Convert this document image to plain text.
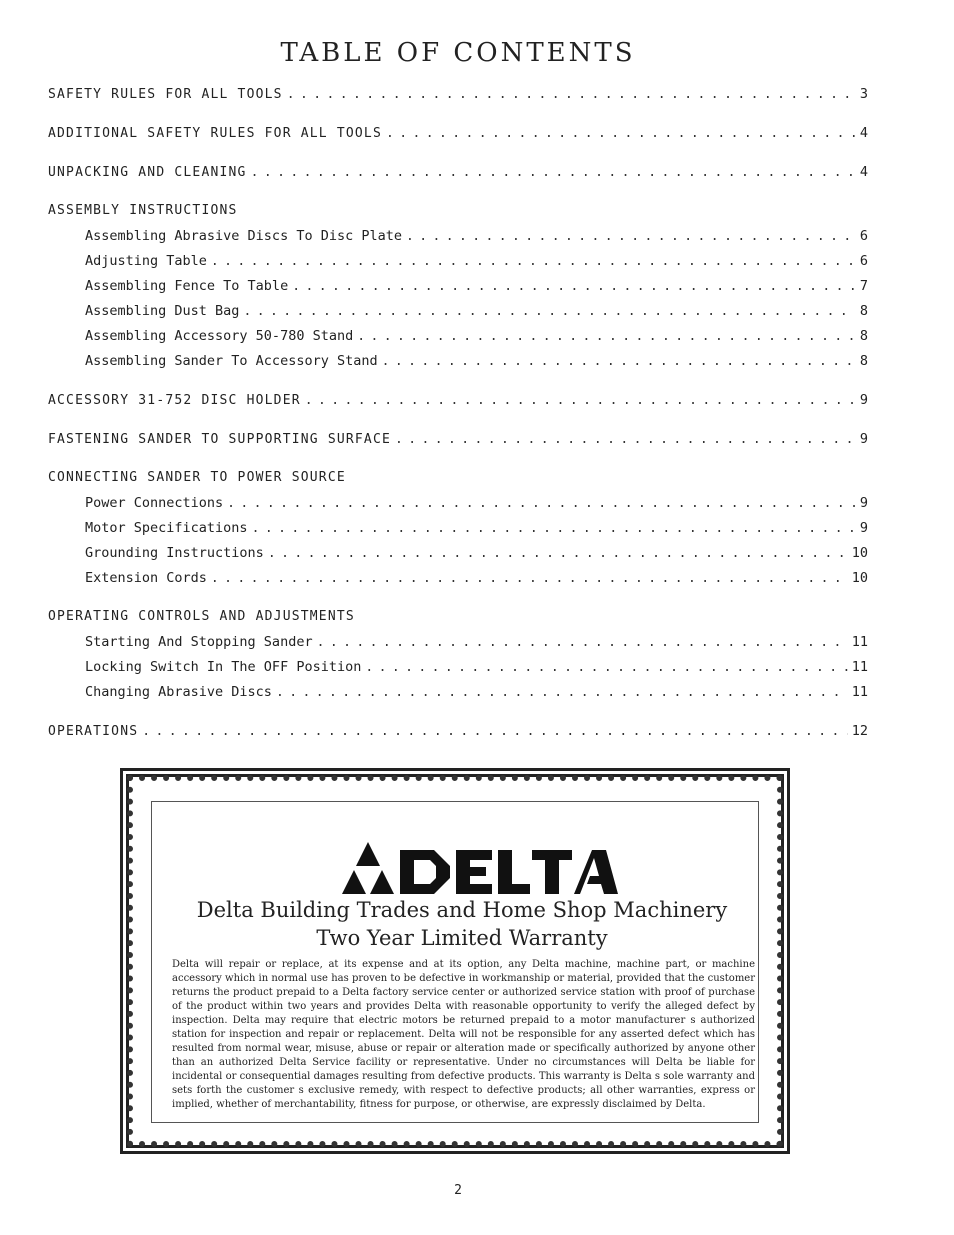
TABLE OF CONTENTS
SAFETY RULES FOR ALL TOOLS . . .	3
ADDITIONAL SAFETY RULES FOR ALL TOOLS . . .	4
UNPACKING AND CLEANING . . .	4
ASSEMBLY INSTRUCTIONS
Assembling Abrasive Discs To Disc Plate . . .	6
Adjusting Table . . .	6
Assembling Fence To Table . . .	7
Assembling Dust Bag . . .	8
Assembling Accessory 50-780 Stand . . .	8
Assembling Sander To Accessory Stand . . .	8
ACCESSORY 31-752 DISC HOLDER . . .	9
FASTENING SANDER TO SUPPORTING SURFACE . . .	9
CONNECTING SANDER TO POWER SOURCE
Power Connections . . .	9
Motor Specifications . . .	9
Grounding Instructions . . .	10
Extension Cords . . .	10
OPERATING CONTROLS AND ADJUSTMENTS
Starting And Stopping Sander . . .	11
Locking Switch In The OFF Position . . .	11
Changing Abrasive Discs . . .	11
OPERATIONS . . .	12
DELTA
Delta Building Trades and Home Shop Machinery
Two Year Limited Warranty
Delta will repair or replace, at its expense and at its option, any Delta machine, machine part, or machine accessory which in normal use has proven to be defective in workmanship or material, provided that the customer returns the product prepaid to a Delta factory service center or authorized service station with proof of purchase of the product within two years and provides Delta with reasonable opportunity to verify the alleged defect by inspection. Delta may require that electric motors be returned prepaid to a motor manufacturer s authorized station for inspection and repair or replacement. Delta will not be responsible for any asserted defect which has resulted from normal wear, misuse, abuse or repair or alteration made or specifically authorized by anyone other than an authorized Delta Service facility or representative. Under no circumstances will Delta be liable for incidental or consequential damages resulting from defective products. This warranty is Delta s sole warranty and sets forth the customer s exclusive remedy, with respect to defective products; all other warranties, express or implied, whether of merchantability, fitness for purpose, or otherwise, are expressly disclaimed by Delta.
2
